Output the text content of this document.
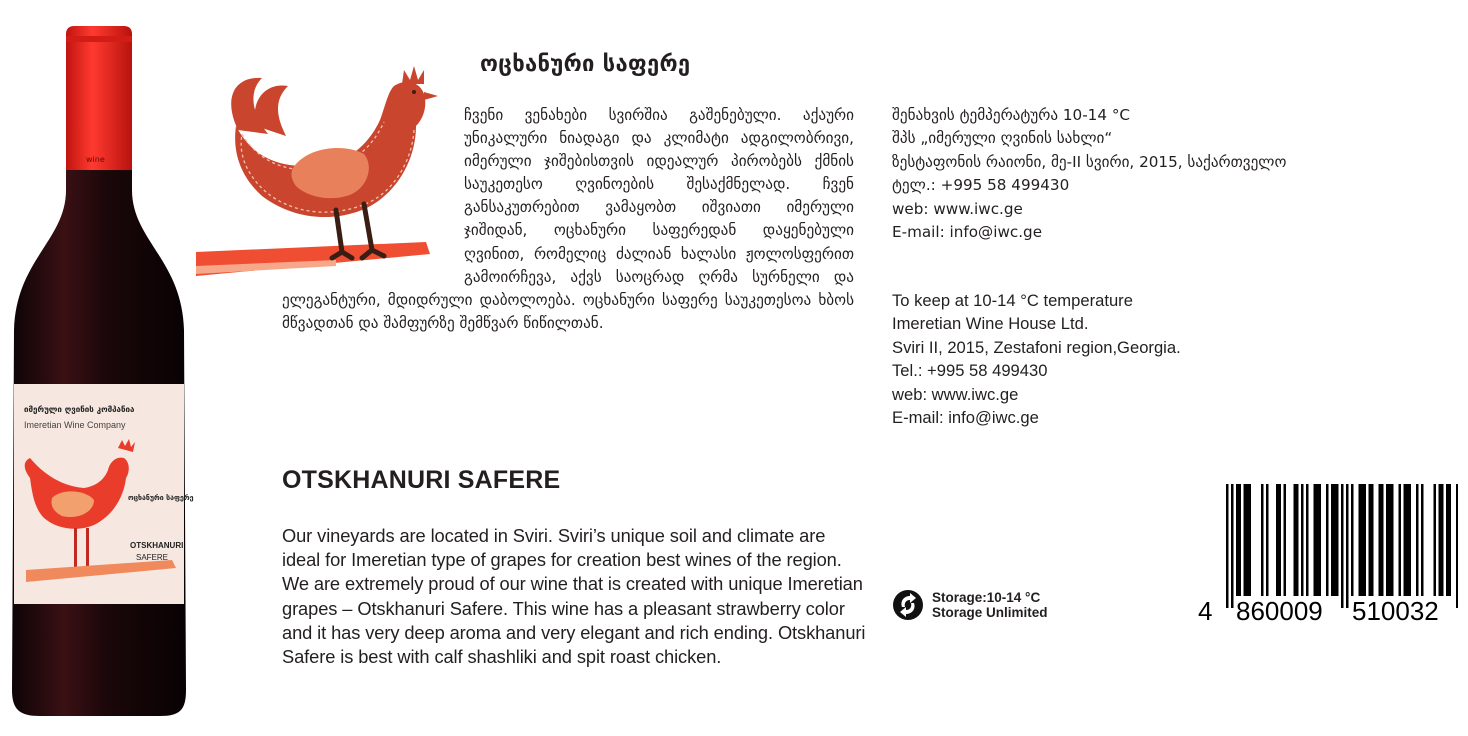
wine
იმერული ღვინის კომპანია
Imeretian Wine Company
ოცხანური საფერე
OTSKHANURI
SAFERE
ოცხანური საფერე

ჩვენი ვენახები სვირშია გაშენებული. აქაური უნიკალური ნიადაგი და კლიმატი ადგილობრივი, იმერული ჯიშებისთვის იდეალურ პირობებს ქმნის საუკეთესო ღვინოების შესაქმნელად. ჩვენ განსაკუთრებით ვამაყობთ იშვიათი იმერული ჯიშიდან, ოცხანური საფერედან დაყენებული ღვინით, რომელიც ძალიან ხალასი ჟოლოსფერით გამოირჩევა, აქვს საოცრად ღრმა სურნელი და ელეგანტური, მდიდრული დაბოლოება. ოცხანური საფერე საუკეთესოა ხბოს მწვადთან და შამფურზე შემწვარ წიწილთან.

OTSKHANURI SAFERE

Our vineyards are located in Sviri. Sviri’s unique soil and climate are ideal for Imeretian type of grapes for creation best wines of the region. We are extremely proud of our wine that is created with unique Imeretian grapes – Otskhanuri Safere. This wine has a pleasant strawberry color and it has very deep aroma and very elegant and rich ending. Otskhanuri Safere is best with calf shashliki and spit roast chicken.

შენახვის ტემპერატურა 10-14 °C
შპს „იმერული ღვინის სახლი“
ზესტაფონის რაიონი, მე-II სვირი, 2015, საქართველო
ტელ.: +995 58 499430
web: www.iwc.ge
E-mail: info@iwc.ge
To keep at 10-14 °C temperature
Imeretian Wine House Ltd.
Sviri II, 2015, Zestafoni region,Georgia.
Tel.: +995 58 499430
web: www.iwc.ge
E-mail: info@iwc.ge
Storage:10-14 °C
Storage Unlimited	4 860009 510032
